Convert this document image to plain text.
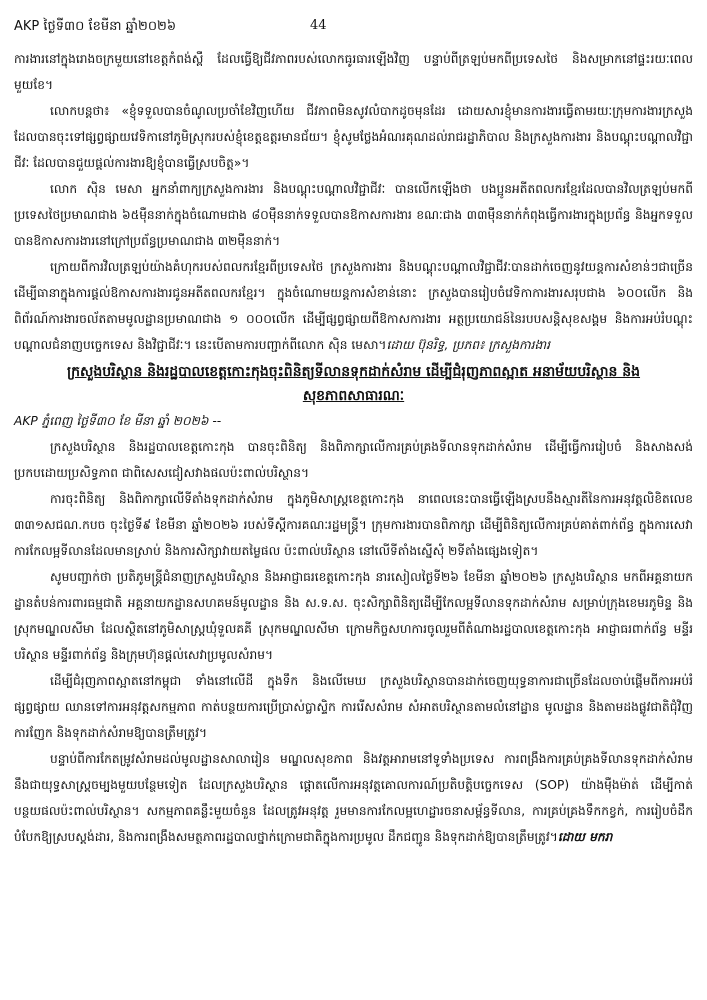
AKP ថ្ងៃទី៣០ ខែមីនា ឆ្នាំ២០២៦	44

ការងារនៅក្នុងរោងចក្រមួយនៅខេត្តកំពង់ស្ពឺ ដែលធ្វើឱ្យជីវភាពរបស់លោកធូរធារឡើងវិញ បន្ទាប់ពីត្រឡប់មកពីប្រទេសថៃ និងសម្រាកនៅផ្ទះរយៈពេលមួយខែ។

លោកបន្តថា៖ «ខ្ញុំទទួលបានចំណូលប្រចាំខែវិញហើយ ជីវភាពមិនសូវលំបាកដូចមុនដែរ ដោយសារខ្ញុំមានការងារធ្វើតាមរយៈក្រុមការងារក្រសួង ដែលបានចុះទៅផ្សព្វផ្សាយវេទិកានៅភូមិស្រុករបស់ខ្ញុំខេត្តឧត្តរមានជ័យ។ ខ្ញុំសូមថ្លែងអំណរគុណដល់រាជរដ្ឋាភិបាល និងក្រសួងការងារ និងបណ្ដុះបណ្ដាលវិជ្ជាជីវៈ ដែលបានជួយផ្ដល់ការងារឱ្យខ្ញុំបានធ្វើស្របចិត្ត»។

លោក ស៊ិន មេសា អ្នកនាំពាក្យក្រសួងការងារ និងបណ្ដុះបណ្ដាលវិជ្ជាជីវៈ បានលើកឡើងថា បងប្អូនអតីតពលករខ្មែរដែលបានវិលត្រឡប់មកពីប្រទេសថៃប្រមាណជាង ៦៥ម៉ឺននាក់ក្នុងចំណោមជាង ៨០ម៉ឺននាក់ទទួលបានឱកាសការងារ ខណៈជាង ៣៣ម៉ឺននាក់កំពុងធ្វើការងារក្នុងប្រព័ន្ធ និងអ្នកទទួលបានឱកាសការងារនៅក្រៅប្រព័ន្ធប្រមាណជាង ៣២ម៉ឺននាក់។

ក្រោយពីការវិលត្រឡប់យ៉ាងគំហុករបស់ពលករខ្មែរពីប្រទេសថៃ ក្រសួងការងារ និងបណ្ដុះបណ្ដាលវិជ្ជាជីវៈបានដាក់ចេញនូវយន្តការសំខាន់ៗជាច្រើន ដើម្បីធានាក្នុងការផ្ដល់ឱកាសការងារជូនអតីតពលករខ្មែរ។ ក្នុងចំណោមយន្តការសំខាន់នោះ ក្រសួងបានរៀបចំវេទិកាការងារសរុបជាង ៦០០លើក និងពិព័រណ៍ការងារចល័តតាមមូលដ្ឋានប្រមាណជាង ១ ០០០លើក ដើម្បីផ្សព្វផ្សាយពីឱកាសការងារ អត្ថប្រយោជន៍នៃរបបសន្តិសុខសង្គម និងការអប់រំបណ្ដុះបណ្ដាលជំនាញបច្ចេកទេស និងវិជ្ជាជីវៈ។ នេះបើតាមការបញ្ជាក់ពីលោក ស៊ិន មេសា។ដោយ ប៊ុនរិទ្ធ, ប្រភព៖ ក្រសួងការងារ

ក្រសួងបរិស្ថាន និងរដ្ឋបាលខេត្តកោះកុងចុះពិនិត្យទីលានទុកដាក់សំរាម ដើម្បីជំរុញភាពស្អាត អនាម័យបរិស្ថាន និង សុខភាពសាធារណៈ

AKP ភ្នំពេញ ថ្ងៃទី៣០ ខែ មីនា ឆ្នាំ ២០២៦ --

ក្រសួងបរិស្ថាន និងរដ្ឋបាលខេត្តកោះកុង បានចុះពិនិត្យ និងពិភាក្សាលើការគ្រប់គ្រងទីលានទុកដាក់សំរាម ដើម្បីធ្វើការរៀបចំ និងសាងសង់ប្រកបដោយប្រសិទ្ធភាព ជាពិសេសជៀសវាងផលប៉ះពាល់បរិស្ថាន។

ការចុះពិនិត្យ និងពិភាក្សាលើទីតាំងទុកដាក់សំរាម ក្នុងភូមិសាស្ត្រខេត្តកោះកុង នាពេលនេះបានធ្វើឡើងស្របនឹងស្មារតីនៃការអនុវត្តលិខិតលេខ ៣៣១សជណ.កបច ចុះថ្ងៃទី៩ ខែមីនា ឆ្នាំ២០២៦ របស់ទីស្ដីការគណៈរដ្ឋមន្ត្រី។ ក្រុមការងារបានពិភាក្សា ដើម្បីពិនិត្យលើការគ្រប់គាត់ពាក់ព័ន្ធ ក្នុងការសេវាការកែលម្អទីលានដែលមានស្រាប់ និងការសិក្សាវាយតម្លៃផល ប៉ះពាល់បរិស្ថាន នៅលើទីតាំងស្នើសុំ ២ទីតាំងផ្សេងទៀត។

សូមបញ្ជាក់ថា ប្រតិភូមន្ត្រីជំនាញក្រសួងបរិស្ថាន និងអាជ្ញាធរខេត្តកោះកុង នារសៀលថ្ងៃទី២៦ ខែមីនា ឆ្នាំ២០២៦ ក្រសួងបរិស្ថាន មកពីអគ្គនាយកដ្ឋានតំបន់ការពារធម្មជាតិ អគ្គនាយកដ្ឋានសហគមន៍មូលដ្ឋាន និង ស.ទ.ស. ចុះសិក្សាពិនិត្យដើម្បីកែលម្អទីលានទុកដាក់សំរាម សម្រាប់ក្រុងខេមរភូមិន្ទ និងស្រុកមណ្ឌលសីមា ដែលស្ថិតនៅភូមិសាស្ត្រឃុំទួលគគី ស្រុកមណ្ឌលសីមា ក្រោមកិច្ចសហការចូលរួមពីតំណាងរដ្ឋបាលខេត្តកោះកុង អាជ្ញាធរពាក់ព័ន្ធ មន្ទីរបរិស្ថាន មន្ទីរពាក់ព័ន្ធ និងក្រុមហ៊ុនផ្ដល់សេវាប្រមូលសំរាម។

ដើម្បីជំរុញភាពស្អាតនៅកម្ពុជា ទាំងនៅលើដី ក្នុងទឹក និងលើមេឃ ក្រសួងបរិស្ថានបានដាក់ចេញយុទ្ធនាការជាច្រើនដែលចាប់ផ្ដើមពីការអប់រំផ្សព្វផ្សាយ ឈានទៅការអនុវត្តសកម្មភាព កាត់បន្ថយការប្រើប្រាស់ប្លាស្ទិក ការរើសសំរាម សំអាតបរិស្ថានតាមលំនៅដ្ឋាន មូលដ្ឋាន និងតាមដងផ្លូវជាតិជុំវិញការញែក និងទុកដាក់សំរាមឱ្យបានត្រឹមត្រូវ។

បន្ទាប់ពីការកែតម្រូវសំរាមដល់មូលដ្ឋានសាលារៀន មណ្ឌលសុខភាព និងវត្តអារាមនៅទូទាំងប្រទេស ការពង្រឹងការគ្រប់គ្រងទីលានទុកដាក់សំរាម នឹងជាយុទ្ធសាស្ត្រចម្បងមួយបន្ថែមទៀត ដែលក្រសួងបរិស្ថាន ផ្ដោតលើការអនុវត្តគោលការណ៍ប្រតិបត្តិបច្ចេកទេស (SOP) យ៉ាងម៉ឺងម៉ាត់ ដើម្បីកាត់បន្ថយផលប៉ះពាល់បរិស្ថាន។ សកម្មភាពគន្លឹះមួយចំនួន ដែលត្រូវអនុវត្ត រួមមានការកែលម្អហេដ្ឋារចនាសម្ព័ន្ធទីលាន, ការគ្រប់គ្រងទឹកកខ្វក់, ការរៀបចំដឹកបំបែកឱ្យស្របស្ដង់ដារ, និងការពង្រឹងសមត្ថភាពរដ្ឋបាលថ្នាក់ក្រោមជាតិក្នុងការប្រមូល ដឹកជញ្ជូន និងទុកដាក់ឱ្យបានត្រឹមត្រូវ។ដោយ មករា
